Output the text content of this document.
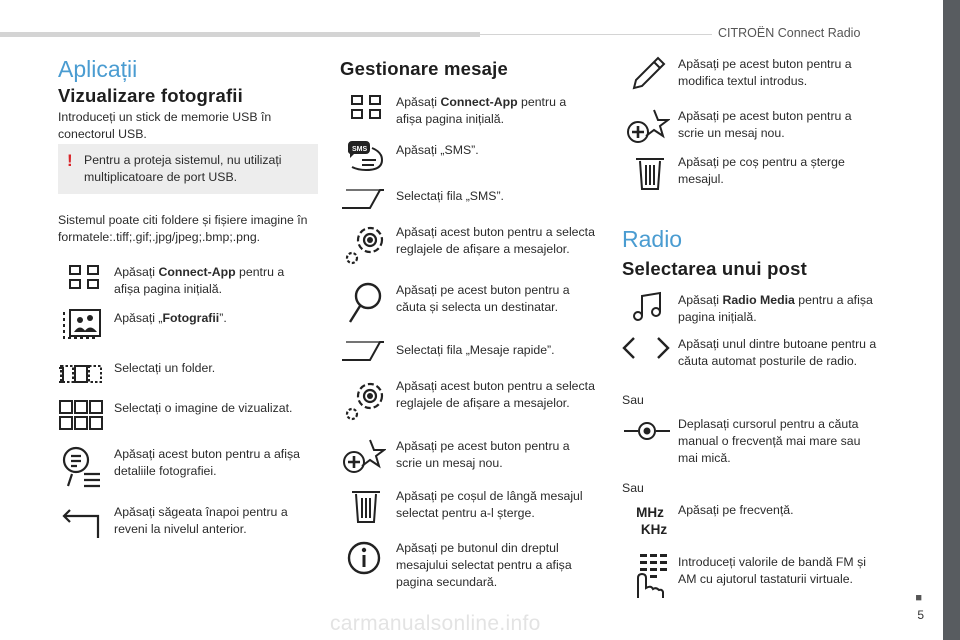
CITROËN Connect Radio
■
5
carmanualsonline.info
Aplicații
Vizualizare fotografii

Introduceți un stick de memorie USB în conectorul USB.

! Pentru a proteja sistemul, nu utilizați multiplicatoare de port USB.

Sistemul poate citi foldere și fișiere imagine în formatele:.tiff;.gif;.jpg/jpeg;.bmp;.png.

Apăsați Connect-App pentru a afișa pagina inițială.
Apăsați „Fotografii”.
Selectați un folder.
Selectați o imagine de vizualizat.
Apăsați acest buton pentru a afișa detaliile fotografiei.
Apăsați săgeata înapoi pentru a reveni la nivelul anterior.
Gestionare mesaje
Apăsați Connect-App pentru a afișa pagina inițială.
SMS Apăsați „SMS”.
Selectați fila „SMS”.
Apăsați acest buton pentru a selecta reglajele de afișare a mesajelor.
Apăsați pe acest buton pentru a căuta și selecta un destinatar.
Selectați fila „Mesaje rapide”.
Apăsați acest buton pentru a selecta reglajele de afișare a mesajelor.
Apăsați pe acest buton pentru a scrie un mesaj nou.
Apăsați pe coșul de lângă mesajul selectat pentru a-l șterge.
Apăsați pe butonul din dreptul mesajului selectat pentru a afișa pagina secundară.
Apăsați pe acest buton pentru a modifica textul introdus.
Apăsați pe acest buton pentru a scrie un mesaj nou.
Apăsați pe coș pentru a șterge mesajul.
Radio
Selectarea unui post
Apăsați Radio Media pentru a afișa pagina inițială.
Apăsați unul dintre butoane pentru a căuta automat posturile de radio.
Sau
Deplasați cursorul pentru a căuta manual o frecvență mai mare sau mai mică.
Sau
MHz
KHz
Apăsați pe frecvență.
Introduceți valorile de bandă FM și AM cu ajutorul tastaturii virtuale.
